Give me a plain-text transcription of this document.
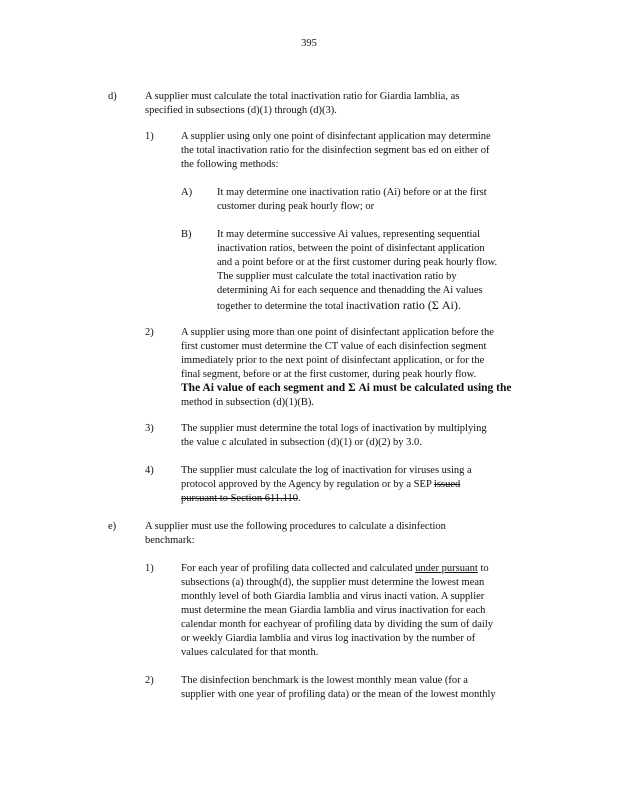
395
d)	A supplier must calculate the total inactivation ratio for Giardia lamblia, as
specified in subsections (d)(1) through (d)(3).
1)	A supplier using only one point of disinfectant application may determine
the total inactivation ratio for the disinfection segment bas ed on either of
the following methods:
A) It may determine one inactivation ratio (Ai) before or at the first
customer during peak hourly flow; or
B) It may determine successive Ai values, representing sequential
inactivation ratios, between the point of disinfectant application
and a point before or at the first customer during peak hourly flow.
The supplier must calculate the total inactivation ratio by
determining Ai for each sequence and thenadding the Ai values
together to determine the total inactivation ratio (Σ Ai).
2)	A supplier using more than one point of disinfectant application before the
first customer must determine the CT value of each disinfection segment
immediately prior to the next point of disinfectant application, or for the
final segment, before or at the first customer, during peak hourly flow.
The Ai value of each segment and Σ Ai must be calculated using the
method in subsection (d)(1)(B).
3)	The supplier must determine the total logs of inactivation by multiplying
the value c alculated in subsection (d)(1) or (d)(2) by 3.0.
4)	The supplier must calculate the log of inactivation for viruses using a
protocol approved by the Agency by regulation or by a SEP issued
pursuant to Section 611.110.
e)	A supplier must use the following procedures to calculate a disinfection
benchmark:
1)	For each year of profiling data collected and calculated under pursuant to
subsections (a) through(d), the supplier must determine the lowest mean
monthly level of both Giardia lamblia and virus inacti vation. A supplier
must determine the mean Giardia lamblia and virus inactivation for each
calendar month for eachyear of profiling data by dividing the sum of daily
or weekly Giardia lamblia and virus log inactivation by the number of
values calculated for that month.
2)	The disinfection benchmark is the lowest monthly mean value (for a
supplier with one year of profiling data) or the mean of the lowest monthly
